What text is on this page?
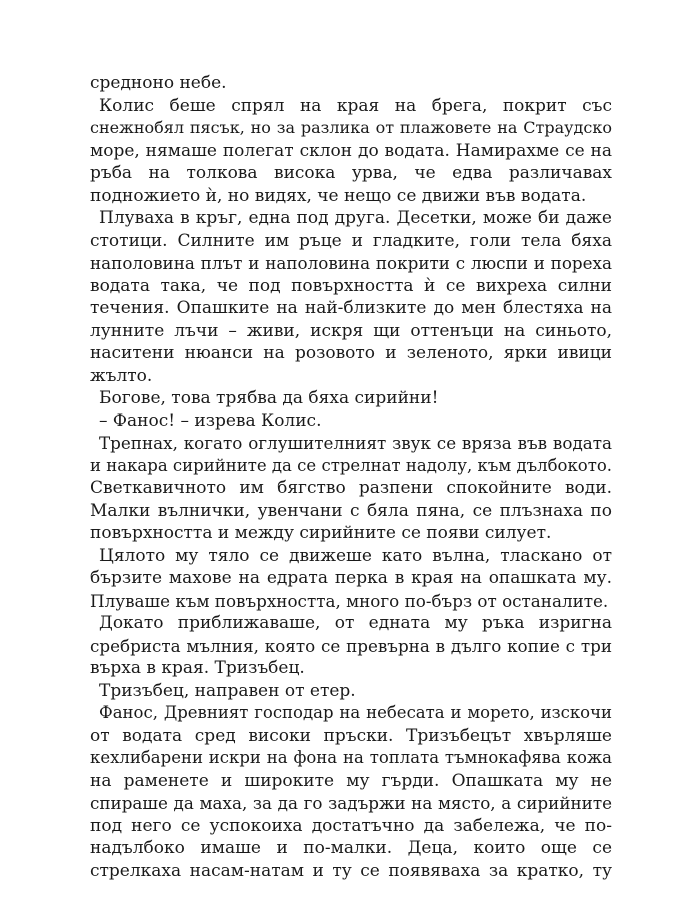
средноно небе.
Колис беше спрял на края на брега, покрит със
снежнобял пясък, но за разлика от плажовете на Страудско
море, нямаше полегат склон до водата. Намирахме се на
ръба на толкова висока урва, че едва различавах
подножието ѝ, но видях, че нещо се движи във водата.
Плуваха в кръг, една под друга. Десетки, може би даже
стотици. Силните им ръце и гладките, голи тела бяха
наполовина плът и наполовина покрити с люспи и пореха
водата така, че под повърхността ѝ се вихреха силни
течения. Опашките на най-близките до мен блестяха на
лунните лъчи – живи, искря щи оттенъци на синьото,
наситени нюанси на розовото и зеленото, ярки ивици
жълто.
Богове, това трябва да бяха сирийни!
– Фанос! – изрева Колис.
Трепнах, когато оглушителният звук се вряза във водата
и накара сирийните да се стрелнат надолу, към дълбокото.
Светкавичното им бягство разпени спокойните води.
Малки вълнички, увенчани с бяла пяна, се плъзнаха по
повърхността и между сирийните се появи силует.
Цялото му тяло се движеше като вълна, тласкано от
бързите махове на едрата перка в края на опашката му.
Плуваше към повърхността, много по-бърз от останалите.
Докато приближаваше, от едната му ръка изригна
сребриста мълния, която се превърна в дълго копие с три
върха в края. Тризъбец.
Тризъбец, направен от етер.
Фанос, Древният господар на небесата и морето, изскочи
от водата сред високи пръски. Тризъбецът хвърляше
кехлибарени искри на фона на топлата тъмнокафява кожа
на раменете и широките му гърди. Опашката му не
спираше да маха, за да го задържи на място, а сирийните
под него се успокоиха достатъчно да забележа, че по-
надълбоко имаше и по-малки. Деца, които още се
стрелкаха насам-натам и ту се появяваха за кратко, ту
